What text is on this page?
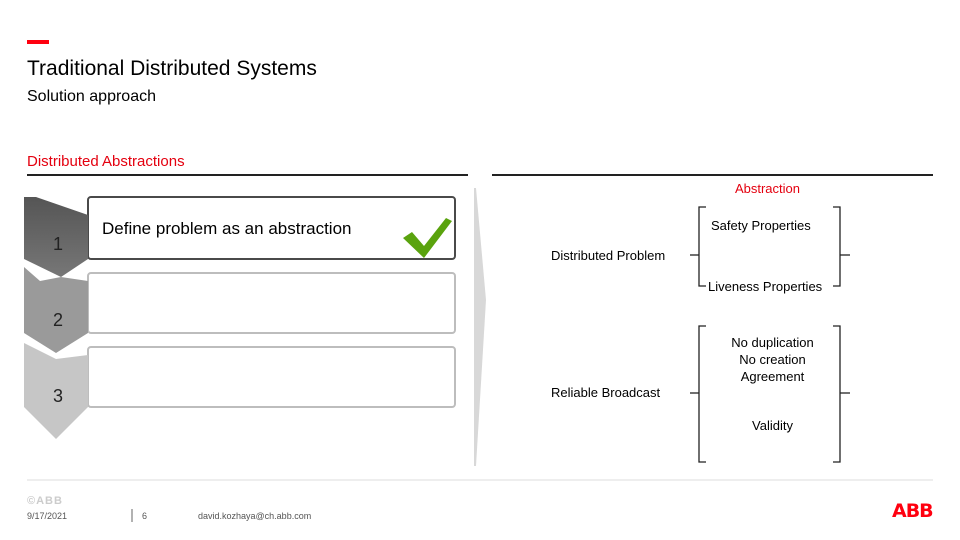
Traditional Distributed Systems
Solution approach
Distributed Abstractions
Abstraction
Define problem as an abstraction
1
2
3
Safety Properties
Distributed Problem
Liveness Properties
No duplication
No creation
Agreement
Reliable Broadcast
Validity
©ABB
9/17/2021	6	david.kozhaya@ch.abb.com	ABB
